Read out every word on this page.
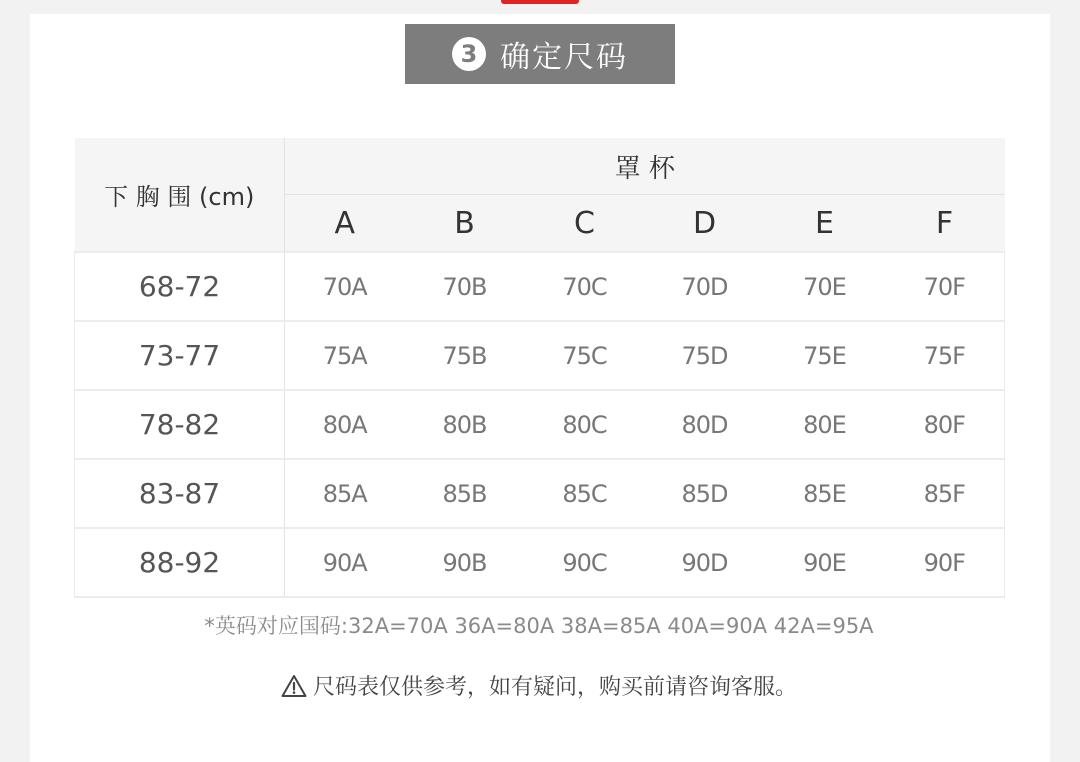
3 确定尺码
下 胸 围 (cm)	罩 杯					
	A	B	C	D	E	F
68-72	70A	70B	70C	70D	70E	70F
73-77	75A	75B	75C	75D	75E	75F
78-82	80A	80B	80C	80D	80E	80F
83-87	85A	85B	85C	85D	85E	85F
88-92	90A	90B	90C	90D	90E	90F
*英码对应国码:32A=70A 36A=80A 38A=85A 40A=90A 42A=95A
尺码表仅供参考，如有疑问，购买前请咨询客服。
